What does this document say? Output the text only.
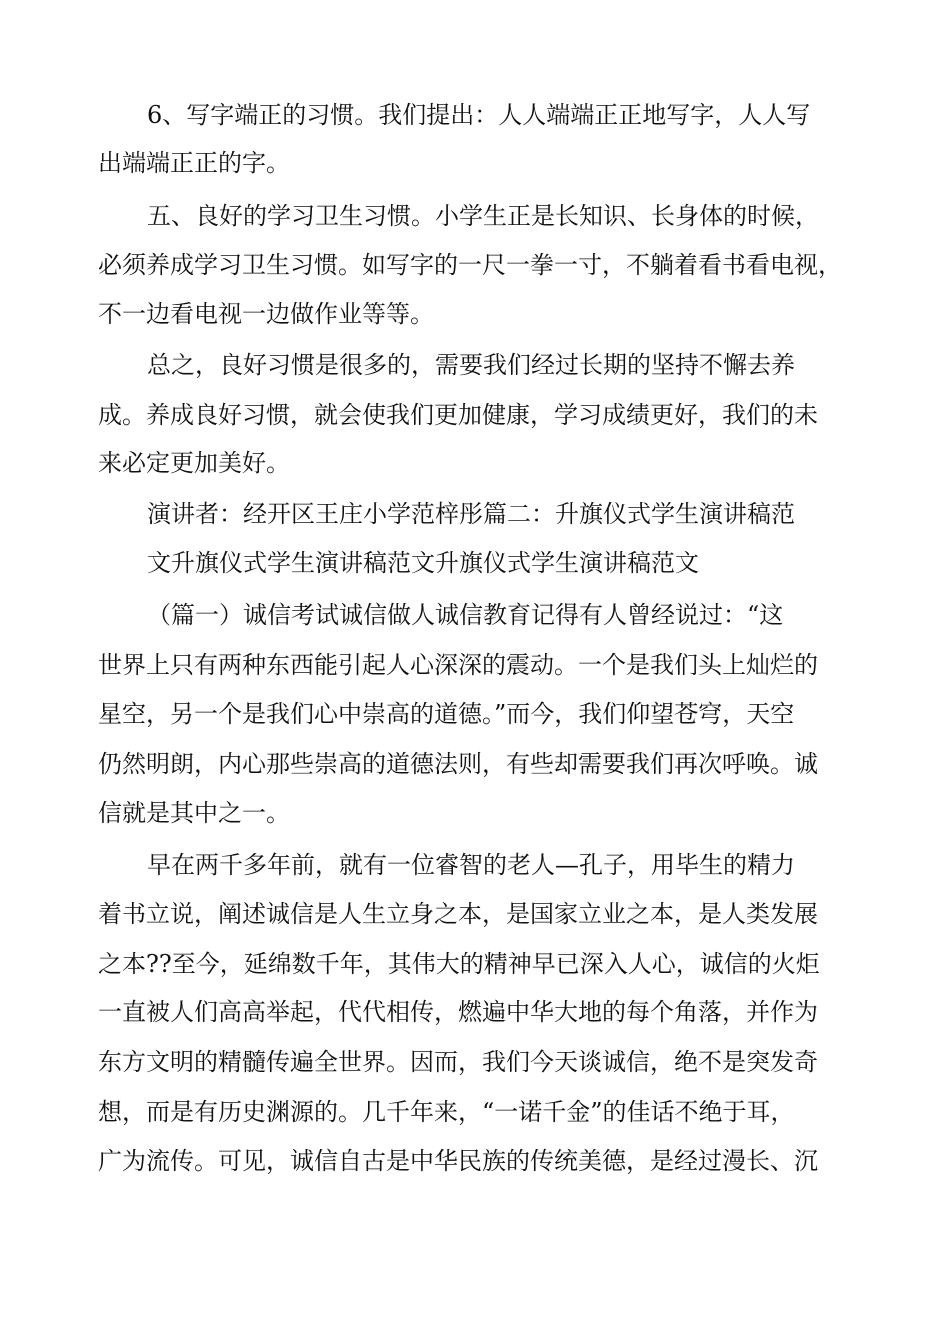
6、写字端正的习惯。我们提出：人人端端正正地写字，人人写

出端端正正的字。

五、良好的学习卫生习惯。小学生正是长知识、长身体的时候，

必须养成学习卫生习惯。如写字的一尺一拳一寸，不躺着看书看电视，

不一边看电视一边做作业等等。

总之，良好习惯是很多的，需要我们经过长期的坚持不懈去养

成。养成良好习惯，就会使我们更加健康，学习成绩更好，我们的未

来必定更加美好。

演讲者：经开区王庄小学范梓彤篇二：升旗仪式学生演讲稿范

文升旗仪式学生演讲稿范文升旗仪式学生演讲稿范文

（篇一）诚信考试诚信做人诚信教育记得有人曾经说过：“这

世界上只有两种东西能引起人心深深的震动。一个是我们头上灿烂的

星空，另一个是我们心中崇高的道德。”而今，我们仰望苍穹，天空

仍然明朗，内心那些崇高的道德法则，有些却需要我们再次呼唤。诚

信就是其中之一。

早在两千多年前，就有一位睿智的老人—孔子，用毕生的精力

着书立说，阐述诚信是人生立身之本，是国家立业之本，是人类发展

之本??至今，延绵数千年，其伟大的精神早已深入人心，诚信的火炬

一直被人们高高举起，代代相传，燃遍中华大地的每个角落，并作为

东方文明的精髓传遍全世界。因而，我们今天谈诚信，绝不是突发奇

想，而是有历史渊源的。几千年来，“一诺千金”的佳话不绝于耳，

广为流传。可见，诚信自古是中华民族的传统美德，是经过漫长、沉
